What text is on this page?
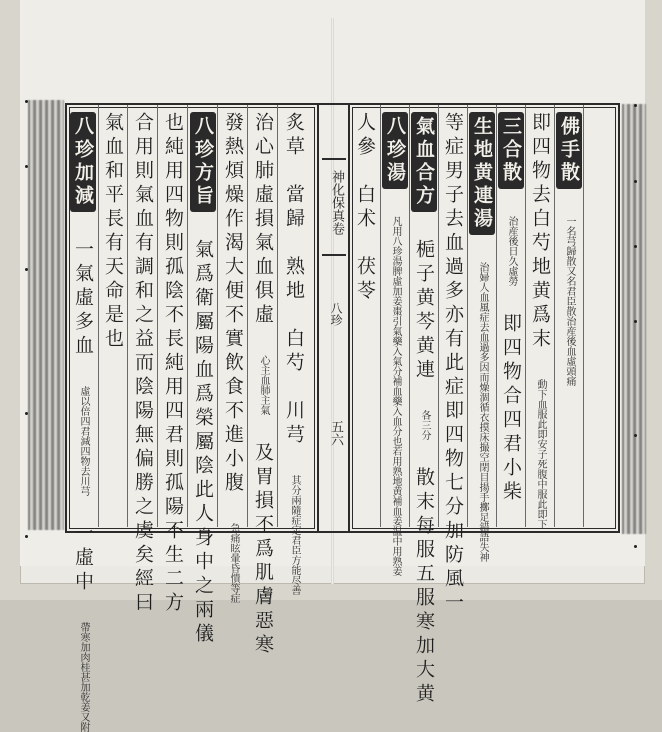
神化保真卷
八珍
五六
八珍加減 一氣虛多血 虛以倍四君減四物去川芎 一虛中 帶寒加肉桂甚加乾姜又附
氣血和平長有天命是也 合用則氣血有調和之益而陰陽無偏勝之虞矣經曰 也純用四物則孤陰不長純用四君則孤陽不生二方 八珍方旨 氣爲衛屬陽血爲榮屬陰此人身中之兩儀 發熱煩燥作渴大便不實飲食不進小腹 急痛眩暈昏憒等症
治心肺虛損氣血俱虛 心主血肺主氣 及胃損不爲肌膚惡寒
炙草　當歸　熟地　白芍　川芎 其分兩隨症定君臣方能尽善
人參　白术　茯苓 八珍湯 凡用八珍湯脾虛加姜棗引氣藥入氣分補血藥入血分也若用熟地黄補血姜温中用熟姜
氣血合方 梔子黄芩黄連 各三分 散末每服五服寒加大黄 等症男子去血過多亦有此症即四物七分加防風一 生地黄連湯 治婦人血風症去血過多因而燥涸循衣摸床撮空閉目揚手擲足錯語失神
三合散 治産後日久虛勞 即四物合四君小柴
即四物去白芍地黄爲末 動下血服此即安子死腹中服此即下
佛手散 一名芎歸散又名君臣散治産後血虛頭痛
